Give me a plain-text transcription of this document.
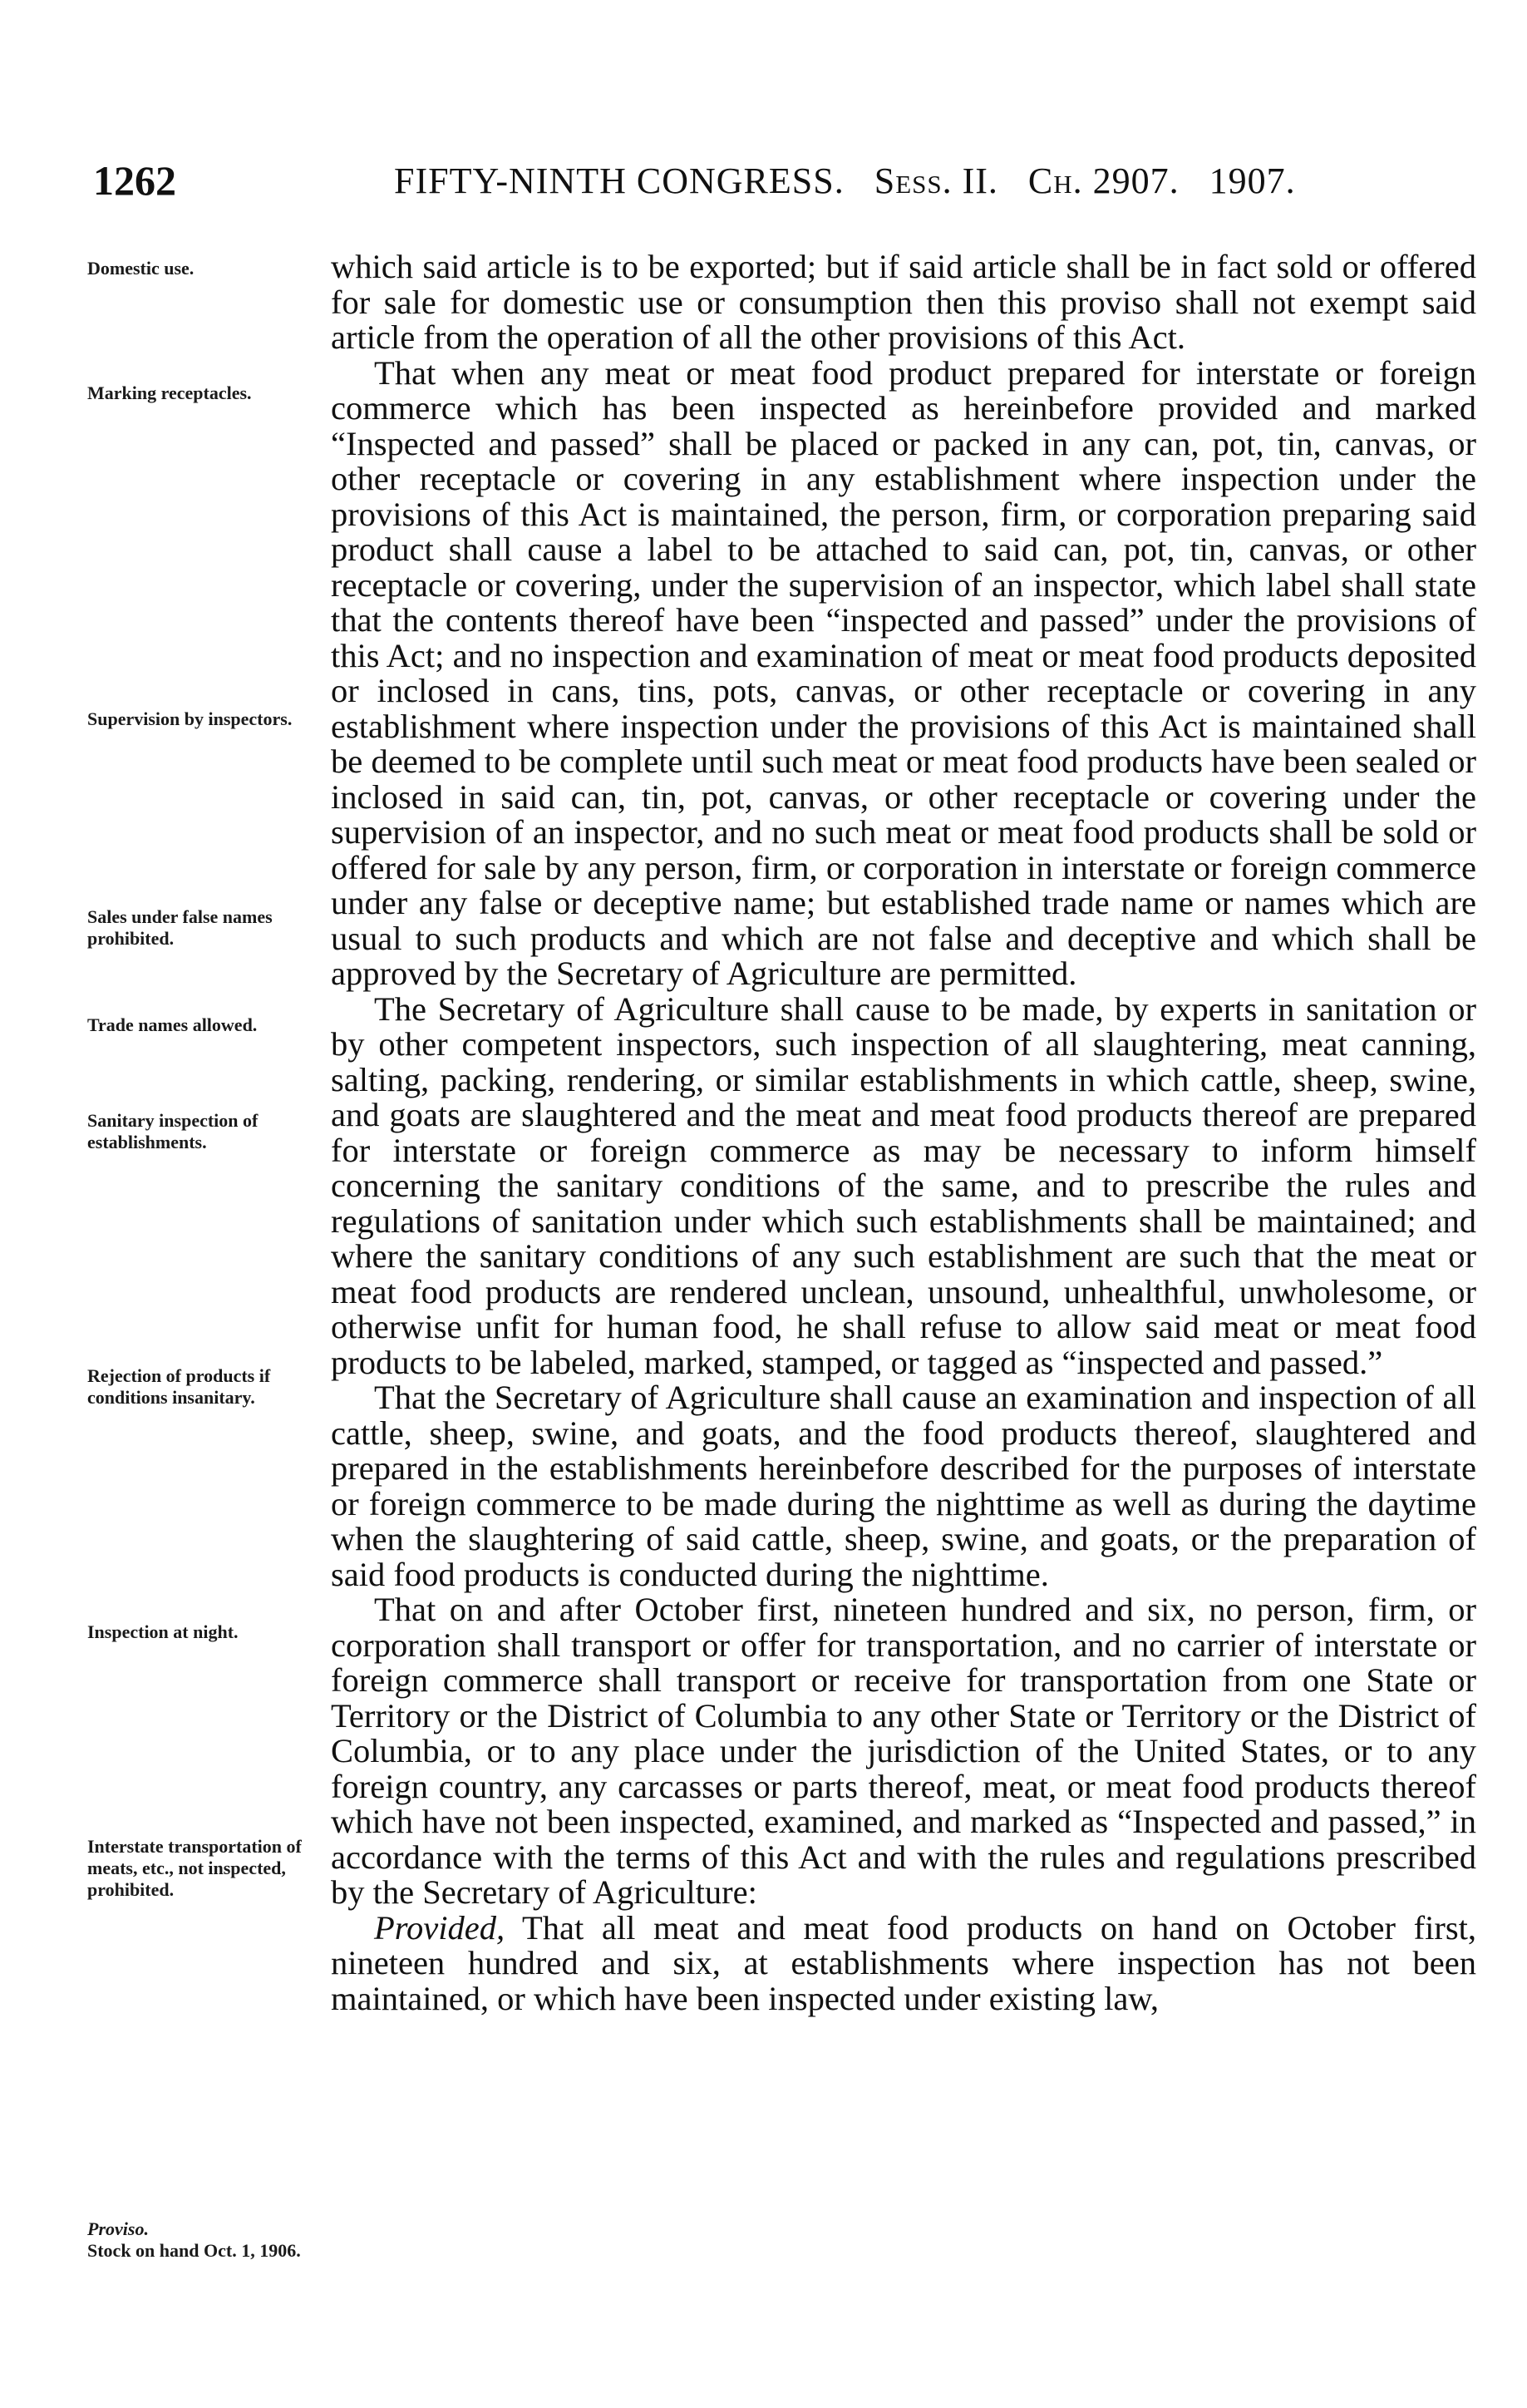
1262	FIFTY-NINTH CONGRESS. Sess. II. Ch. 2907. 1907.
Domestic use.
Marking receptacles.
Supervision by inspectors.
Sales under false names prohibited.
Trade names allowed.
Sanitary inspection of establishments.
Rejection of products if conditions insanitary.
Inspection at night.
Interstate transportation of meats, etc., not inspected, prohibited.
Proviso.
Stock on hand Oct. 1, 1906.

which said article is to be exported; but if said article shall be in fact sold or offered for sale for domestic use or consumption then this proviso shall not exempt said article from the operation of all the other provisions of this Act.

That when any meat or meat food product prepared for interstate or foreign commerce which has been inspected as hereinbefore provided and marked “Inspected and passed” shall be placed or packed in any can, pot, tin, canvas, or other receptacle or covering in any establishment where inspection under the provisions of this Act is maintained, the person, firm, or corporation preparing said product shall cause a label to be attached to said can, pot, tin, canvas, or other receptacle or covering, under the supervision of an inspector, which label shall state that the contents thereof have been “inspected and passed” under the provisions of this Act; and no inspection and examination of meat or meat food products deposited or inclosed in cans, tins, pots, canvas, or other receptacle or covering in any establishment where inspection under the provisions of this Act is maintained shall be deemed to be complete until such meat or meat food products have been sealed or inclosed in said can, tin, pot, canvas, or other receptacle or covering under the supervision of an inspector, and no such meat or meat food products shall be sold or offered for sale by any person, firm, or corporation in interstate or foreign commerce under any false or deceptive name; but established trade name or names which are usual to such products and which are not false and deceptive and which shall be approved by the Secretary of Agriculture are permitted.

The Secretary of Agriculture shall cause to be made, by experts in sanitation or by other competent inspectors, such inspection of all slaughtering, meat canning, salting, packing, rendering, or similar establishments in which cattle, sheep, swine, and goats are slaughtered and the meat and meat food products thereof are prepared for interstate or foreign commerce as may be necessary to inform himself concerning the sanitary conditions of the same, and to prescribe the rules and regulations of sanitation under which such establishments shall be maintained; and where the sanitary conditions of any such establishment are such that the meat or meat food products are rendered unclean, unsound, unhealthful, unwholesome, or otherwise unfit for human food, he shall refuse to allow said meat or meat food products to be labeled, marked, stamped, or tagged as “inspected and passed.”

That the Secretary of Agriculture shall cause an examination and inspection of all cattle, sheep, swine, and goats, and the food products thereof, slaughtered and prepared in the establishments hereinbefore described for the purposes of interstate or foreign commerce to be made during the nighttime as well as during the daytime when the slaughtering of said cattle, sheep, swine, and goats, or the preparation of said food products is conducted during the nighttime.

That on and after October first, nineteen hundred and six, no person, firm, or corporation shall transport or offer for transportation, and no carrier of interstate or foreign commerce shall transport or receive for transportation from one State or Territory or the District of Columbia to any other State or Territory or the District of Columbia, or to any place under the jurisdiction of the United States, or to any foreign country, any carcasses or parts thereof, meat, or meat food products thereof which have not been inspected, examined, and marked as “Inspected and passed,” in accordance with the terms of this Act and with the rules and regulations prescribed by the Secretary of Agriculture:

Provided, That all meat and meat food products on hand on October first, nineteen hundred and six, at establishments where inspection has not been maintained, or which have been inspected under existing law,
